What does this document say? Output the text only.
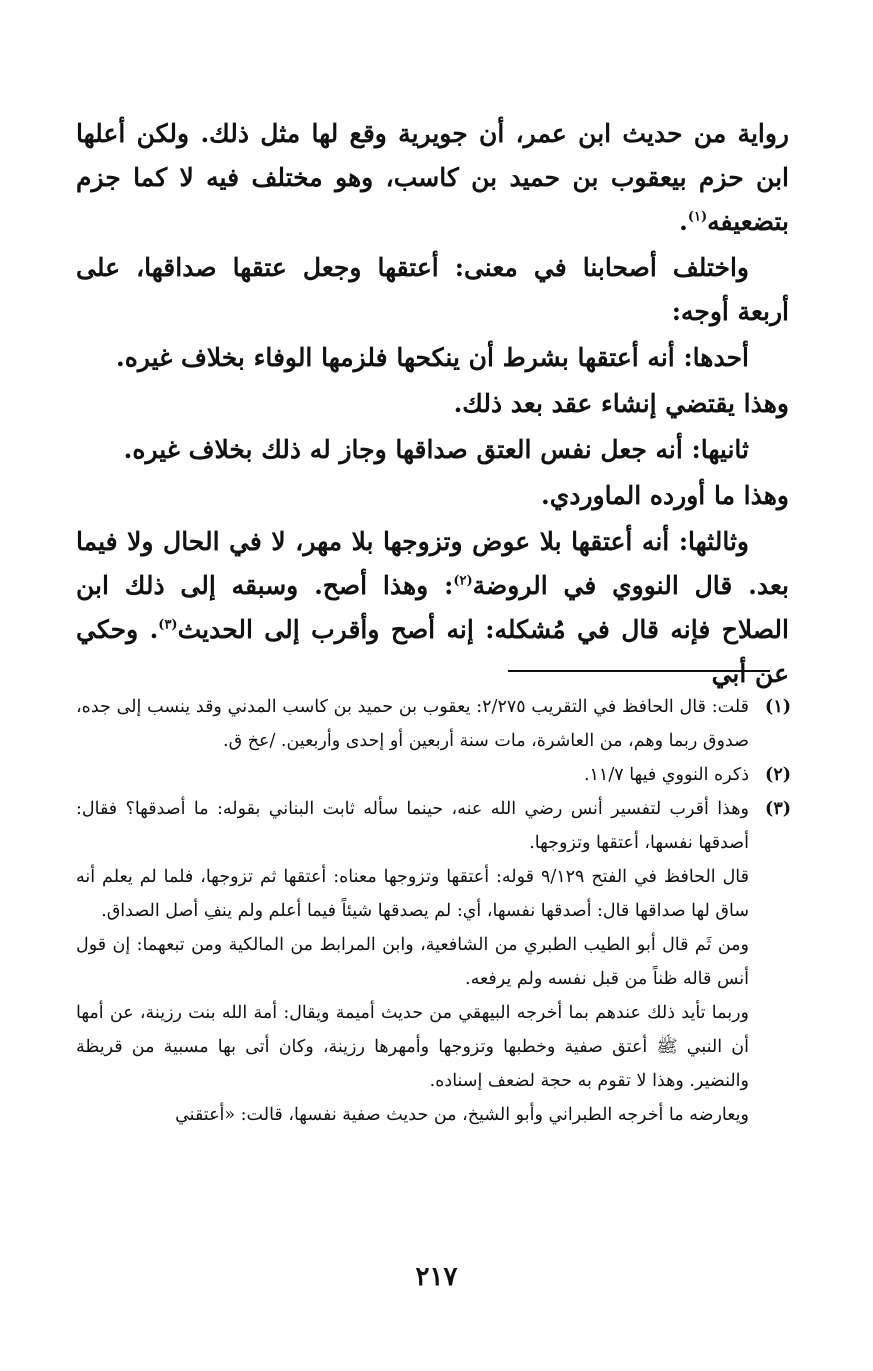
رواية من حديث ابن عمر، أن جويرية وقع لها مثل ذلك. ولكن أعلها ابن حزم بيعقوب بن حميد بن كاسب، وهو مختلف فيه لا كما جزم بتضعيفه$^{(١)}$.

واختلف أصحابنا في معنى: أعتقها وجعل عتقها صداقها، على أربعة أوجه:

أحدها: أنه أعتقها بشرط أن ينكحها فلزمها الوفاء بخلاف غيره.

وهذا يقتضي إنشاء عقد بعد ذلك.

ثانيها: أنه جعل نفس العتق صداقها وجاز له ذلك بخلاف غيره.

وهذا ما أورده الماوردي.

وثالثها: أنه أعتقها بلا عوض وتزوجها بلا مهر، لا في الحال ولا فيما بعد. قال النووي في الروضة$^{(٢)}$: وهذا أصح. وسبقه إلى ذلك ابن الصلاح فإنه قال في مُشكله: إنه أصح وأقرب إلى الحديث$^{(٣)}$. وحكي عن أبي

(١)

قلت: قال الحافظ في التقريب ٢/٢٧٥: يعقوب بن حميد بن كاسب المدني وقد ينسب إلى جده، صدوق ربما وهم، من العاشرة، مات سنة أربعين أو إحدى وأربعين. /عخ ق.

(٢)

ذكره النووي فيها ١١/٧.

(٣)

وهذا أقرب لتفسير أنس رضي الله عنه، حينما سأله ثابت البناني بقوله: ما أصدقها؟ فقال: أصدقها نفسها، أعتقها وتزوجها.

قال الحافظ في الفتح ٩/١٢٩ قوله: أعتقها وتزوجها معناه: أعتقها ثم تزوجها، فلما لم يعلم أنه ساق لها صداقها قال: أصدقها نفسها، أي: لم يصدقها شيئاً فيما أعلم ولم ينفِ أصل الصداق.

ومن ثَم قال أبو الطيب الطبري من الشافعية، وابن المرابط من المالكية ومن تبعهما: إن قول أنس قاله ظناً من قبل نفسه ولم يرفعه.

وربما تأيد ذلك عندهم بما أخرجه البيهقي من حديث أميمة ويقال: أمة الله بنت رزينة، عن أمها أن النبي ﷺ أعتق صفية وخطبها وتزوجها وأمهرها رزينة، وكان أتى بها مسبية من قريظة والنضير. وهذا لا تقوم به حجة لضعف إسناده.

ويعارضه ما أخرجه الطبراني وأبو الشيخ، من حديث صفية نفسها، قالت: «أعتقني

٢١٧
